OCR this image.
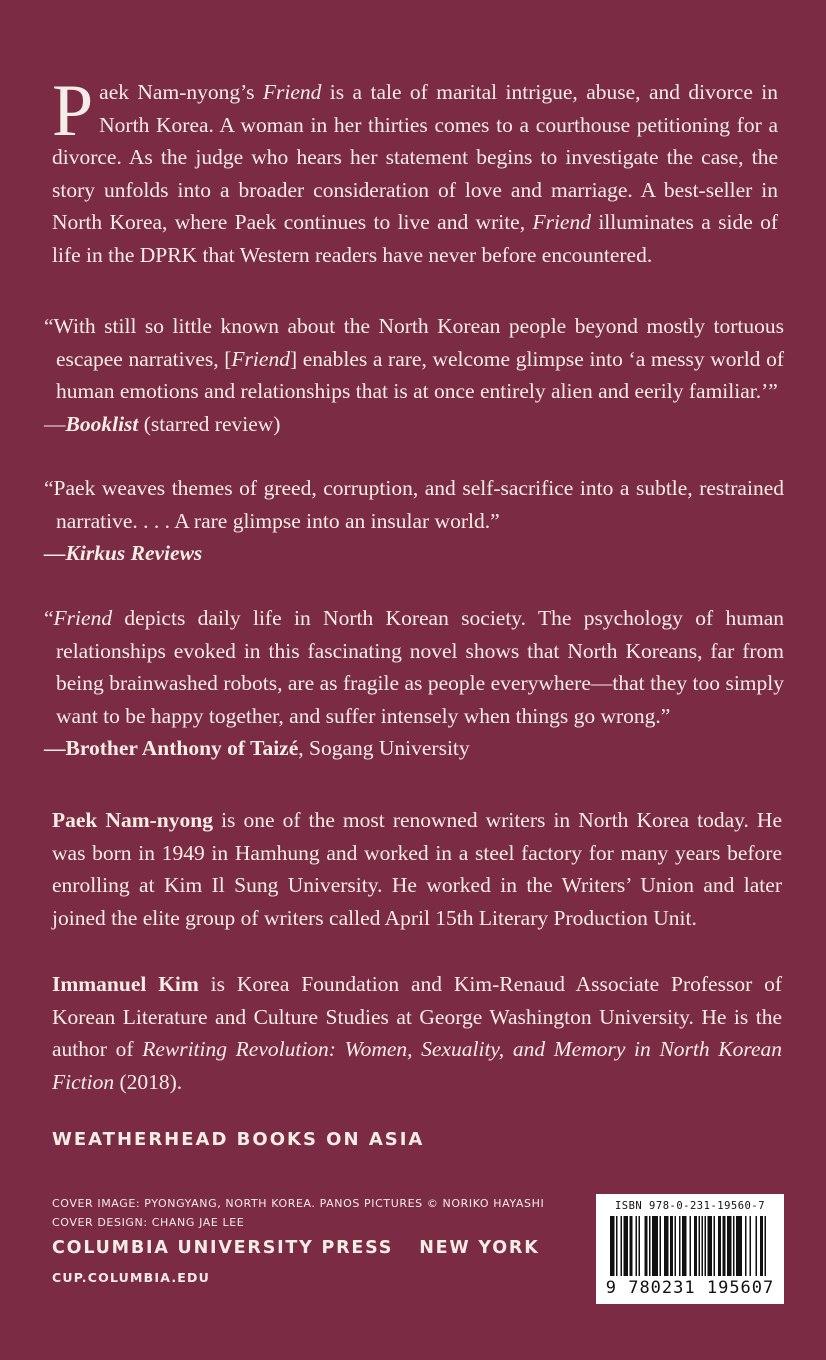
Paek Nam-nyong’s Friend is a tale of marital intrigue, abuse, and divorce in North Korea. A woman in her thirties comes to a courthouse petitioning for a divorce. As the judge who hears her statement begins to investigate the case, the story unfolds into a broader consideration of love and marriage. A best-seller in North Korea, where Paek continues to live and write, Friend illuminates a side of life in the DPRK that Western readers have never before encountered.
“With still so little known about the North Korean people beyond mostly tortuous escapee narratives, [Friend] enables a rare, welcome glimpse into ‘a messy world of human emotions and relationships that is at once entirely alien and eerily familiar.’”
—Booklist (starred review)
“Paek weaves themes of greed, corruption, and self-sacrifice into a subtle, restrained narrative. . . . A rare glimpse into an insular world.”
—Kirkus Reviews
“Friend depicts daily life in North Korean society. The psychology of human relationships evoked in this fascinating novel shows that North Koreans, far from being brainwashed robots, are as fragile as people everywhere—that they too simply want to be happy together, and suffer intensely when things go wrong.”
—Brother Anthony of Taizé, Sogang University
Paek Nam-nyong is one of the most renowned writers in North Korea today. He was born in 1949 in Hamhung and worked in a steel factory for many years before enrolling at Kim Il Sung University. He worked in the Writers’ Union and later joined the elite group of writers called April 15th Literary Production Unit.
Immanuel Kim is Korea Foundation and Kim-Renaud Associate Professor of Korean Literature and Culture Studies at George Washington University. He is the author of Rewriting Revolution: Women, Sexuality, and Memory in North Korean Fiction (2018).
WEATHERHEAD BOOKS ON ASIA
COVER IMAGE: PYONGYANG, NORTH KOREA. PANOS PICTURES © NORIKO HAYASHI
COVER DESIGN: CHANG JAE LEE
COLUMBIA UNIVERSITY PRESS NEW YORK
CUP.COLUMBIA.EDU
ISBN 978-0-231-19560-7
9 780231 195607
